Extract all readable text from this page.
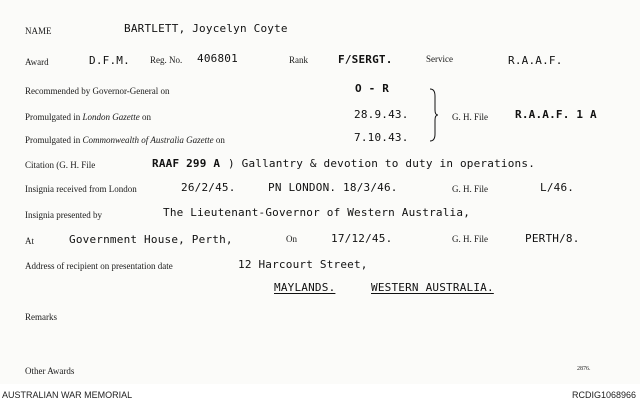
NAME	BARTLETT, Joycelyn Coyte
Award	D.F.M. Reg. No. 406801	Rank	F/SERGT.	Service	R.A.A.F.
Recommended by Governor-General on	O - R
Promulgated in London Gazette on	28.9.43.	G. H. File R.A.A.F. 1 A
Promulgated in Commonwealth of Australia Gazette on	7.10.43.
Citation (G. H. File	RAAF 299 A ) Gallantry & devotion to duty in operations.
Insignia received from London	26/2/45.	PN LONDON. 18/3/46.	G. H. File	L/46.
Insignia presented by	The Lieutenant-Governor of Western Australia,
At	Government House, Perth,	On	17/12/45.	G. H. File	PERTH/8.
Address of recipient on presentation date	12 Harcourt Street,
MAYLANDS.	WESTERN AUSTRALIA.
Remarks
Other Awards	2876.
AUSTRALIAN WAR MEMORIAL	RCDIG1068966
